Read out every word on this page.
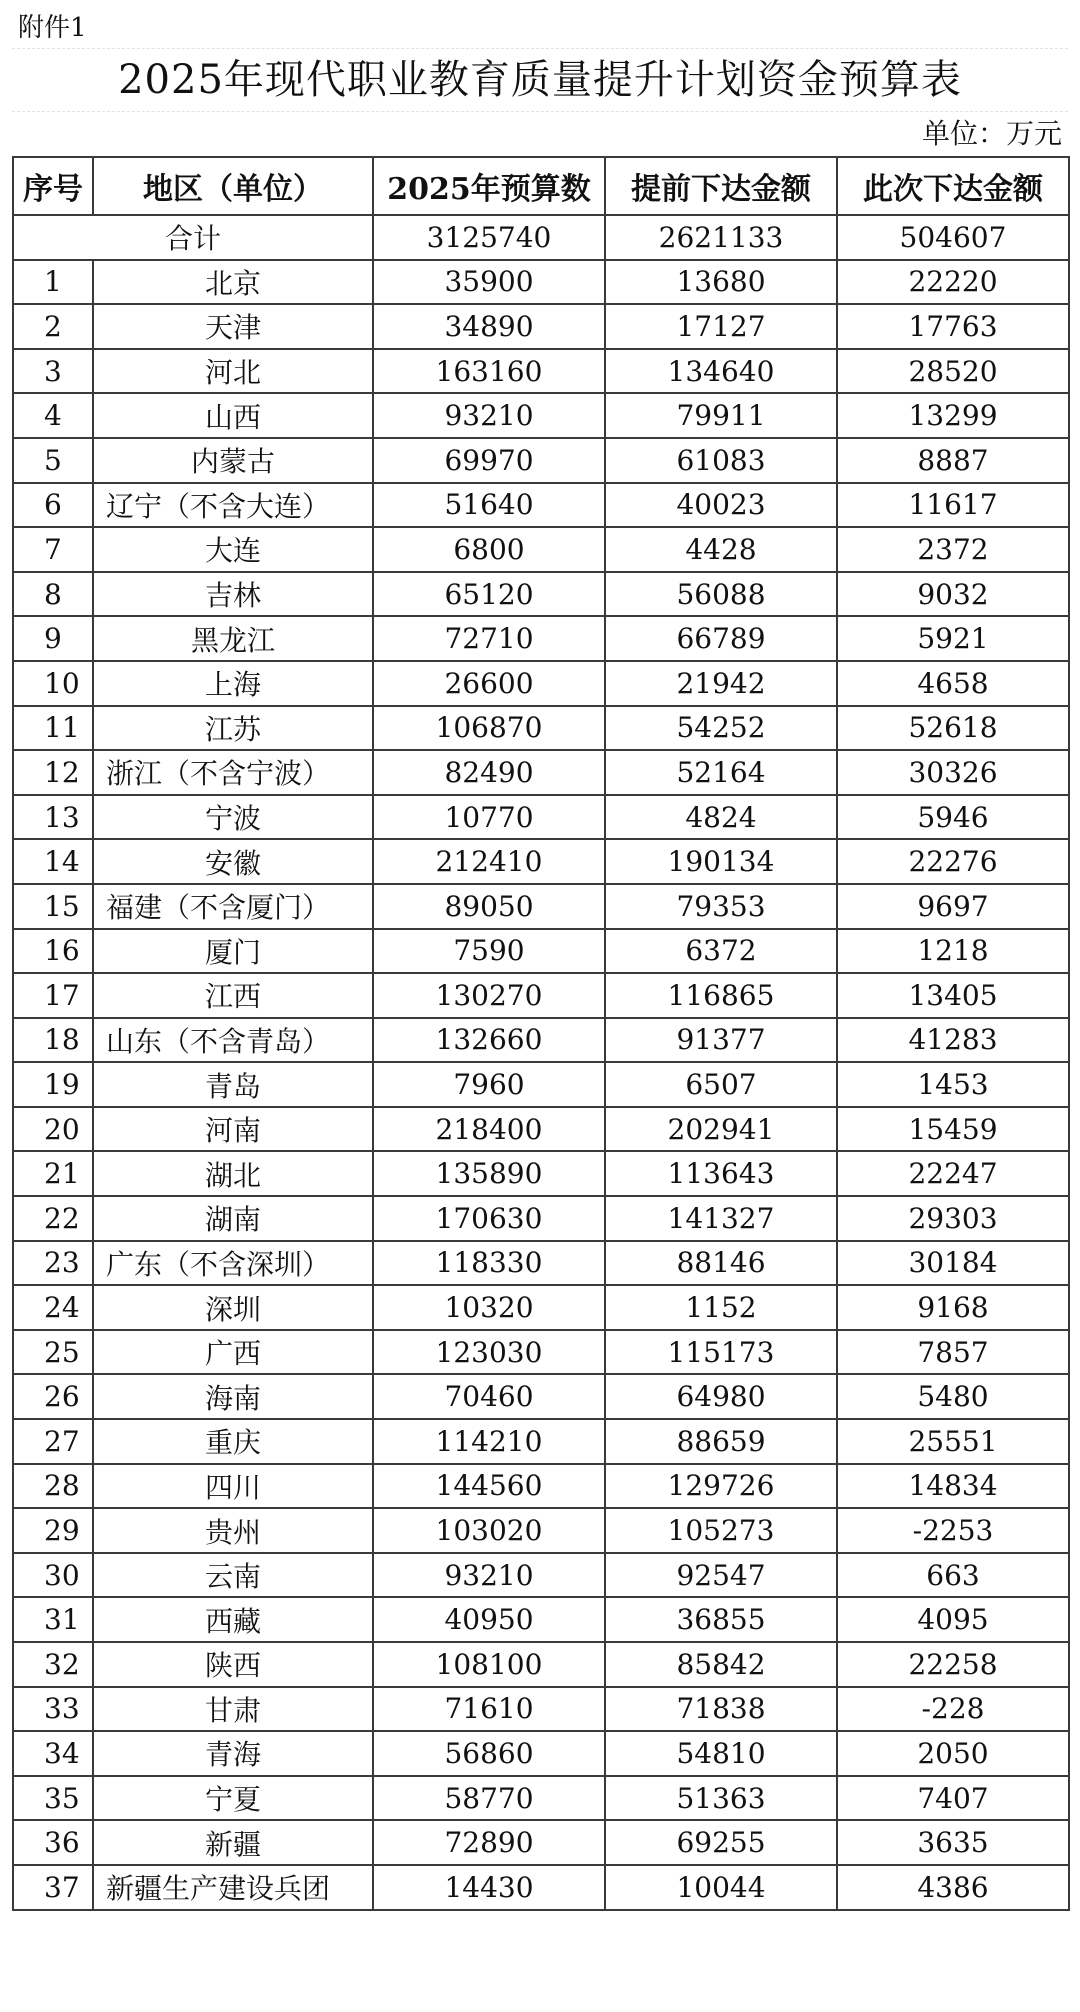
附件1
2025年现代职业教育质量提升计划资金预算表
单位：万元
序号	地区（单位）	2025年预算数	提前下达金额	此次下达金额
合计		3125740	2621133	504607
1	北京	35900	13680	22220
2	天津	34890	17127	17763
3	河北	163160	134640	28520
4	山西	93210	79911	13299
5	内蒙古	69970	61083	8887
6	辽宁（不含大连）	51640	40023	11617
7	大连	6800	4428	2372
8	吉林	65120	56088	9032
9	黑龙江	72710	66789	5921
10	上海	26600	21942	4658
11	江苏	106870	54252	52618
12	浙江（不含宁波）	82490	52164	30326
13	宁波	10770	4824	5946
14	安徽	212410	190134	22276
15	福建（不含厦门）	89050	79353	9697
16	厦门	7590	6372	1218
17	江西	130270	116865	13405
18	山东（不含青岛）	132660	91377	41283
19	青岛	7960	6507	1453
20	河南	218400	202941	15459
21	湖北	135890	113643	22247
22	湖南	170630	141327	29303
23	广东（不含深圳）	118330	88146	30184
24	深圳	10320	1152	9168
25	广西	123030	115173	7857
26	海南	70460	64980	5480
27	重庆	114210	88659	25551
28	四川	144560	129726	14834
29	贵州	103020	105273	-2253
30	云南	93210	92547	663
31	西藏	40950	36855	4095
32	陕西	108100	85842	22258
33	甘肃	71610	71838	-228
34	青海	56860	54810	2050
35	宁夏	58770	51363	7407
36	新疆	72890	69255	3635
37	新疆生产建设兵团	14430	10044	4386
